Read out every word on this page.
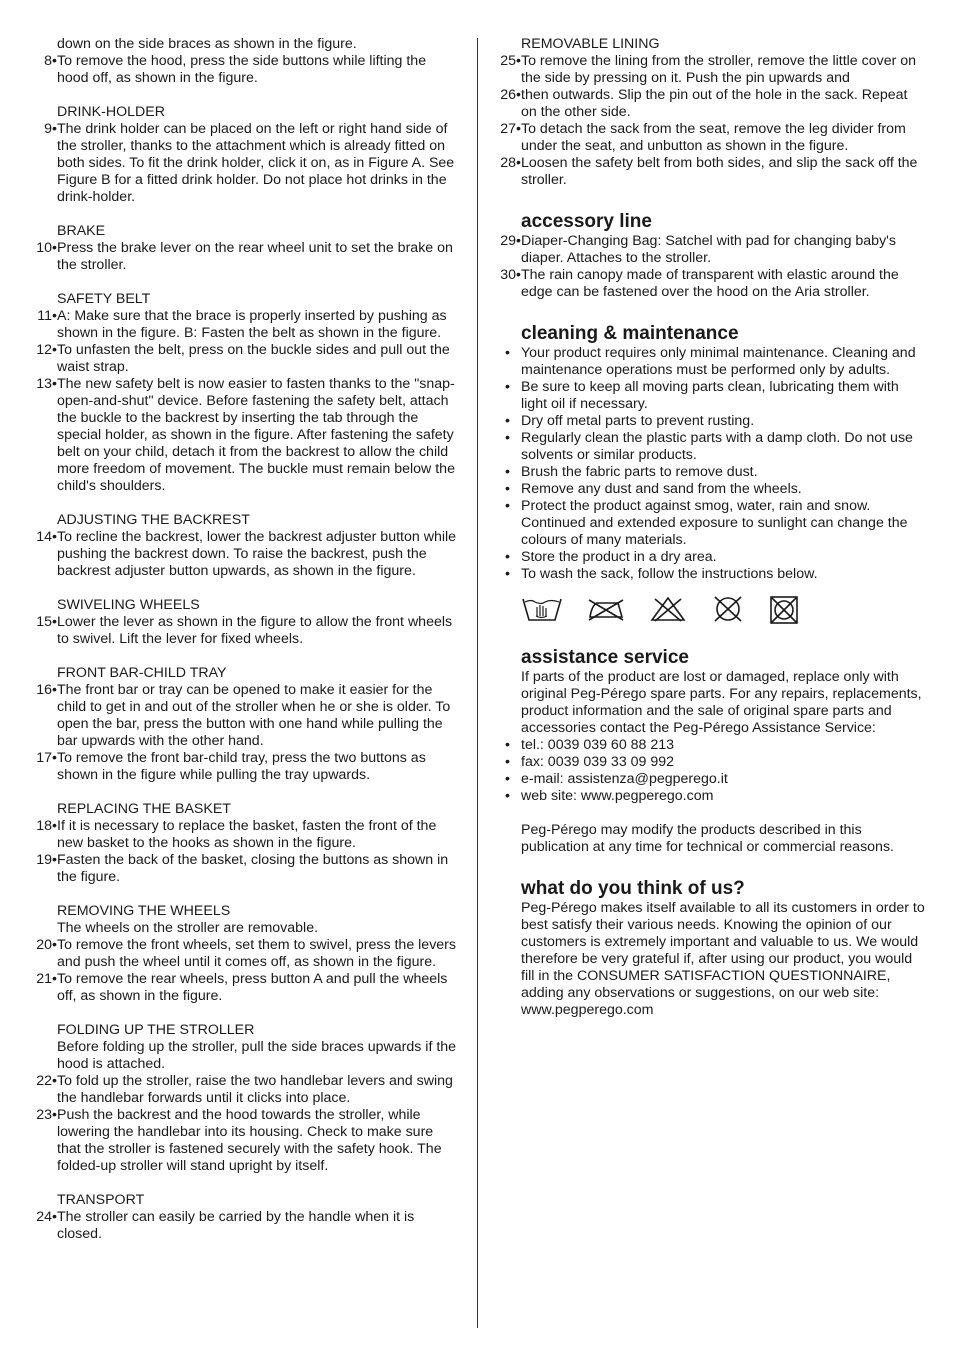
down on the side braces as shown in the figure.
8• To remove the hood, press the side buttons while lifting the hood off, as shown in the figure.
DRINK-HOLDER
9• The drink holder can be placed on the left or right hand side of the stroller, thanks to the attachment which is already fitted on both sides. To fit the drink holder, click it on, as in Figure A. See Figure B for a fitted drink holder. Do not place hot drinks in the drink-holder.
BRAKE
10• Press the brake lever on the rear wheel unit to set the brake on the stroller.
SAFETY BELT
11• A: Make sure that the brace is properly inserted by pushing as shown in the figure. B: Fasten the belt as shown in the figure.
12• To unfasten the belt, press on the buckle sides and pull out the waist strap.
13• The new safety belt is now easier to fasten thanks to the "snap-open-and-shut" device. Before fastening the safety belt, attach the buckle to the backrest by inserting the tab through the special holder, as shown in the figure. After fastening the safety belt on your child, detach it from the backrest to allow the child more freedom of movement. The buckle must remain below the child's shoulders.
ADJUSTING THE BACKREST
14• To recline the backrest, lower the backrest adjuster button while pushing the backrest down. To raise the backrest, push the backrest adjuster button upwards, as shown in the figure.
SWIVELING WHEELS
15• Lower the lever as shown in the figure to allow the front wheels to swivel. Lift the lever for fixed wheels.
FRONT BAR-CHILD TRAY
16• The front bar or tray can be opened to make it easier for the child to get in and out of the stroller when he or she is older. To open the bar, press the button with one hand while pulling the bar upwards with the other hand.
17• To remove the front bar-child tray, press the two buttons as shown in the figure while pulling the tray upwards.
REPLACING THE BASKET
18• If it is necessary to replace the basket, fasten the front of the new basket to the hooks as shown in the figure.
19• Fasten the back of the basket, closing the buttons as shown in the figure.
REMOVING THE WHEELS
The wheels on the stroller are removable.
20• To remove the front wheels, set them to swivel, press the levers and push the wheel until it comes off, as shown in the figure.
21• To remove the rear wheels, press button A and pull the wheels off, as shown in the figure.
FOLDING UP THE STROLLER
Before folding up the stroller, pull the side braces upwards if the hood is attached.
22• To fold up the stroller, raise the two handlebar levers and swing the handlebar forwards until it clicks into place.
23• Push the backrest and the hood towards the stroller, while lowering the handlebar into its housing. Check to make sure that the stroller is fastened securely with the safety hook. The folded-up stroller will stand upright by itself.
TRANSPORT
24• The stroller can easily be carried by the handle when it is closed.
REMOVABLE LINING
25• To remove the lining from the stroller, remove the little cover on the side by pressing on it. Push the pin upwards and
26• then outwards. Slip the pin out of the hole in the sack. Repeat on the other side.
27• To detach the sack from the seat, remove the leg divider from under the seat, and unbutton as shown in the figure.
28• Loosen the safety belt from both sides, and slip the sack off the stroller.
accessory line
29• Diaper-Changing Bag: Satchel with pad for changing baby's diaper. Attaches to the stroller.
30• The rain canopy made of transparent with elastic around the edge can be fastened over the hood on the Aria stroller.
cleaning & maintenance
• Your product requires only minimal maintenance. Cleaning and maintenance operations must be performed only by adults.
• Be sure to keep all moving parts clean, lubricating them with light oil if necessary.
• Dry off metal parts to prevent rusting.
• Regularly clean the plastic parts with a damp cloth. Do not use solvents or similar products.
• Brush the fabric parts to remove dust.
• Remove any dust and sand from the wheels.
• Protect the product against smog, water, rain and snow. Continued and extended exposure to sunlight can change the colours of many materials.
• Store the product in a dry area.
• To wash the sack, follow the instructions below.
assistance service
If parts of the product are lost or damaged, replace only with original Peg-Pérego spare parts. For any repairs, replacements, product information and the sale of original spare parts and accessories contact the Peg-Pérego Assistance Service:
• tel.: 0039 039 60 88 213
• fax: 0039 039 33 09 992
• e-mail: assistenza@pegperego.it
• web site: www.pegperego.com
Peg-Pérego may modify the products described in this publication at any time for technical or commercial reasons.
what do you think of us?
Peg-Pérego makes itself available to all its customers in order to best satisfy their various needs. Knowing the opinion of our customers is extremely important and valuable to us. We would therefore be very grateful if, after using our product, you would fill in the CONSUMER SATISFACTION QUESTIONNAIRE, adding any observations or suggestions, on our web site: www.pegperego.com
